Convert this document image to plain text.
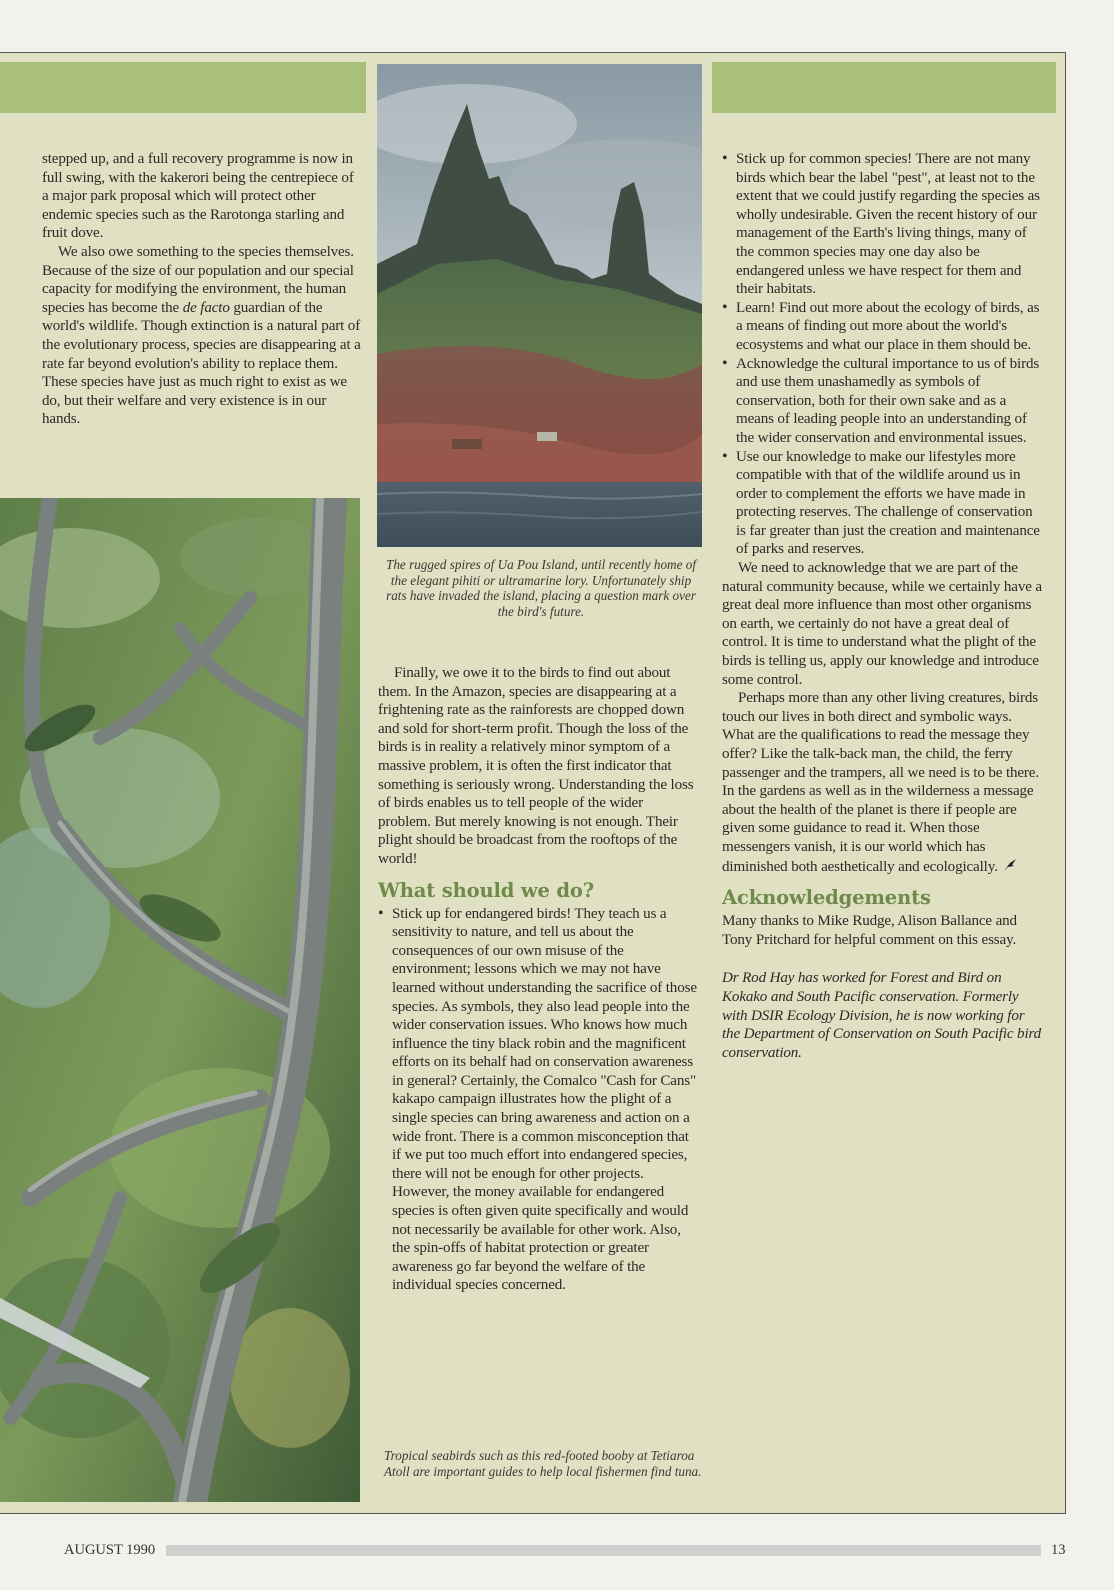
The rugged spires of Ua Pou Island, until recently home of the elegant pihiti or ultramarine lory. Unfortunately ship rats have invaded the island, placing a question mark over the bird's future.
Tropical seabirds such as this red-footed booby at Tetiaroa Atoll are important guides to help local fishermen find tuna.

stepped up, and a full recovery programme is now in full swing, with the kakerori being the centrepiece of a major park proposal which will protect other endemic species such as the Rarotonga starling and fruit dove.

We also owe something to the species themselves. Because of the size of our population and our special capacity for modifying the environment, the human species has become the de facto guardian of the world's wildlife. Though extinction is a natural part of the evolutionary process, species are disappearing at a rate far beyond evolution's ability to replace them. These species have just as much right to exist as we do, but their welfare and very existence is in our hands.

Finally, we owe it to the birds to find out about them. In the Amazon, species are disappearing at a frightening rate as the rainforests are chopped down and sold for short-term profit. Though the loss of the birds is in reality a relatively minor symptom of a massive problem, it is often the first indicator that something is seriously wrong. Understanding the loss of birds enables us to tell people of the wider problem. But merely knowing is not enough. Their plight should be broadcast from the rooftops of the world!

What should we do?
• Stick up for endangered birds! They teach us a sensitivity to nature, and tell us about the consequences of our own misuse of the environment; lessons which we may not have learned without understanding the sacrifice of those species. As symbols, they also lead people into the wider conservation issues. Who knows how much influence the tiny black robin and the magnificent efforts on its behalf had on conservation awareness in general? Certainly, the Comalco "Cash for Cans" kakapo campaign illustrates how the plight of a single species can bring awareness and action on a wide front. There is a common misconception that if we put too much effort into endangered species, there will not be enough for other projects. However, the money available for endangered species is often given quite specifically and would not necessarily be available for other work. Also, the spin-offs of habitat protection or greater awareness go far beyond the welfare of the individual species concerned.
• Stick up for common species! There are not many birds which bear the label "pest", at least not to the extent that we could justify regarding the species as wholly undesirable. Given the recent history of our management of the Earth's living things, many of the common species may one day also be endangered unless we have respect for them and their habitats.
• Learn! Find out more about the ecology of birds, as a means of finding out more about the world's ecosystems and what our place in them should be.
• Acknowledge the cultural importance to us of birds and use them unashamedly as symbols of conservation, both for their own sake and as a means of leading people into an understanding of the wider conservation and environmental issues.
• Use our knowledge to make our lifestyles more compatible with that of the wildlife around us in order to complement the efforts we have made in protecting reserves. The challenge of conservation is far greater than just the creation and maintenance of parks and reserves.

We need to acknowledge that we are part of the natural community because, while we certainly have a great deal more influence than most other organisms on earth, we certainly do not have a great deal of control. It is time to understand what the plight of the birds is telling us, apply our knowledge and introduce some control.

Perhaps more than any other living creatures, birds touch our lives in both direct and symbolic ways. What are the qualifications to read the message they offer? Like the talk-back man, the child, the ferry passenger and the trampers, all we need is to be there. In the gardens as well as in the wilderness a message about the health of the planet is there if people are given some guidance to read it. When those messengers vanish, it is our world which has diminished both aesthetically and ecologically.

Acknowledgements

Many thanks to Mike Rudge, Alison Ballance and Tony Pritchard for helpful comment on this essay.

Dr Rod Hay has worked for Forest and Bird on Kokako and South Pacific conservation. Formerly with DSIR Ecology Division, he is now working for the Department of Conservation on South Pacific bird conservation.

AUGUST 1990	13
